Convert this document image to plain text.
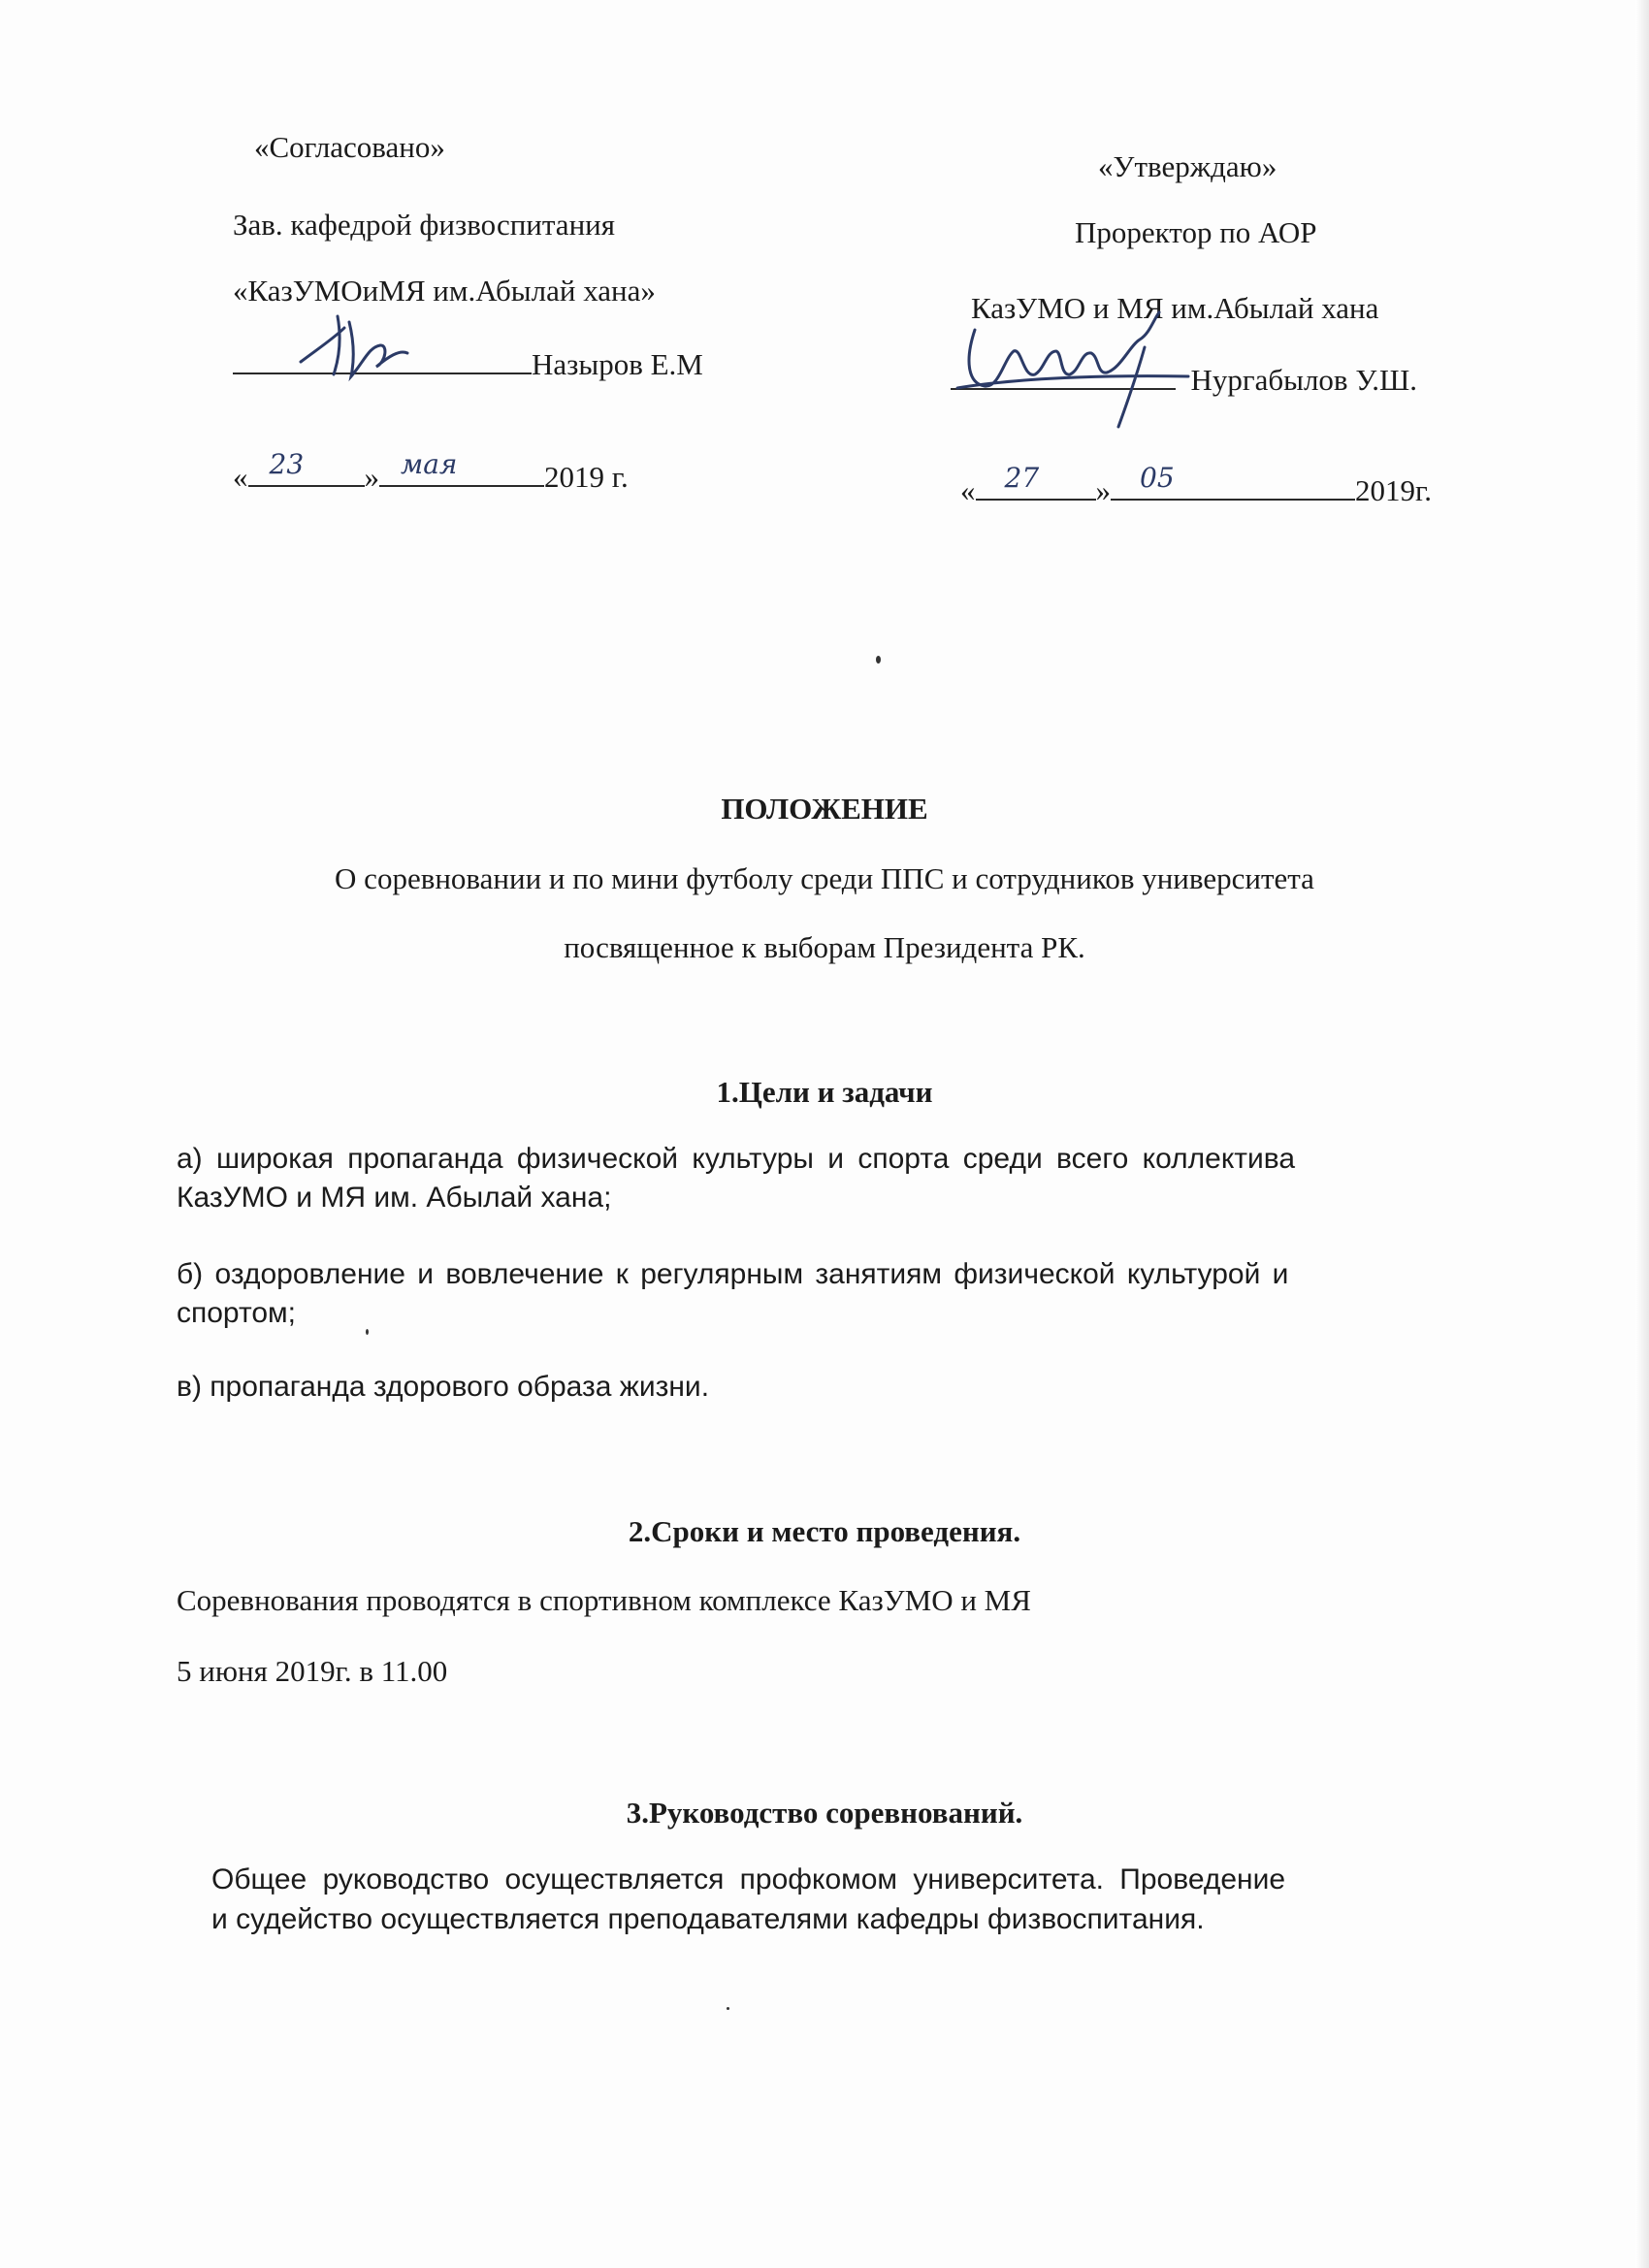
«Согласовано»
Зав. кафедрой физвоспитания
«КазУМОиМЯ им.Абылай хана»
Назыров Е.М
« 23 » мая	2019 г.
«Утверждаю»
Проректор по АОР
КазУМО и МЯ им.Абылай хана
Нургабылов У.Ш.
« 27 » 05	2019г.
ПОЛОЖЕНИЕ
О соревновании и по мини футболу среди ППС и сотрудников университета
посвященное к выборам Президента РК.
1.Цели и задачи
а) широкая пропаганда физической культуры и спорта среди всего коллектива
КазУМО и МЯ им. Абылай хана;
б) оздоровление и вовлечение к регулярным занятиям физической культурой и
спортом;
в) пропаганда здорового образа жизни.
2.Сроки и место проведения.
Соревнования проводятся в спортивном комплексе КазУМО и МЯ
5 июня 2019г. в 11.00
3.Руководство соревнований.
Общее руководство осуществляется профкомом университета. Проведение
и судейство осуществляется преподавателями кафедры физвоспитания.
